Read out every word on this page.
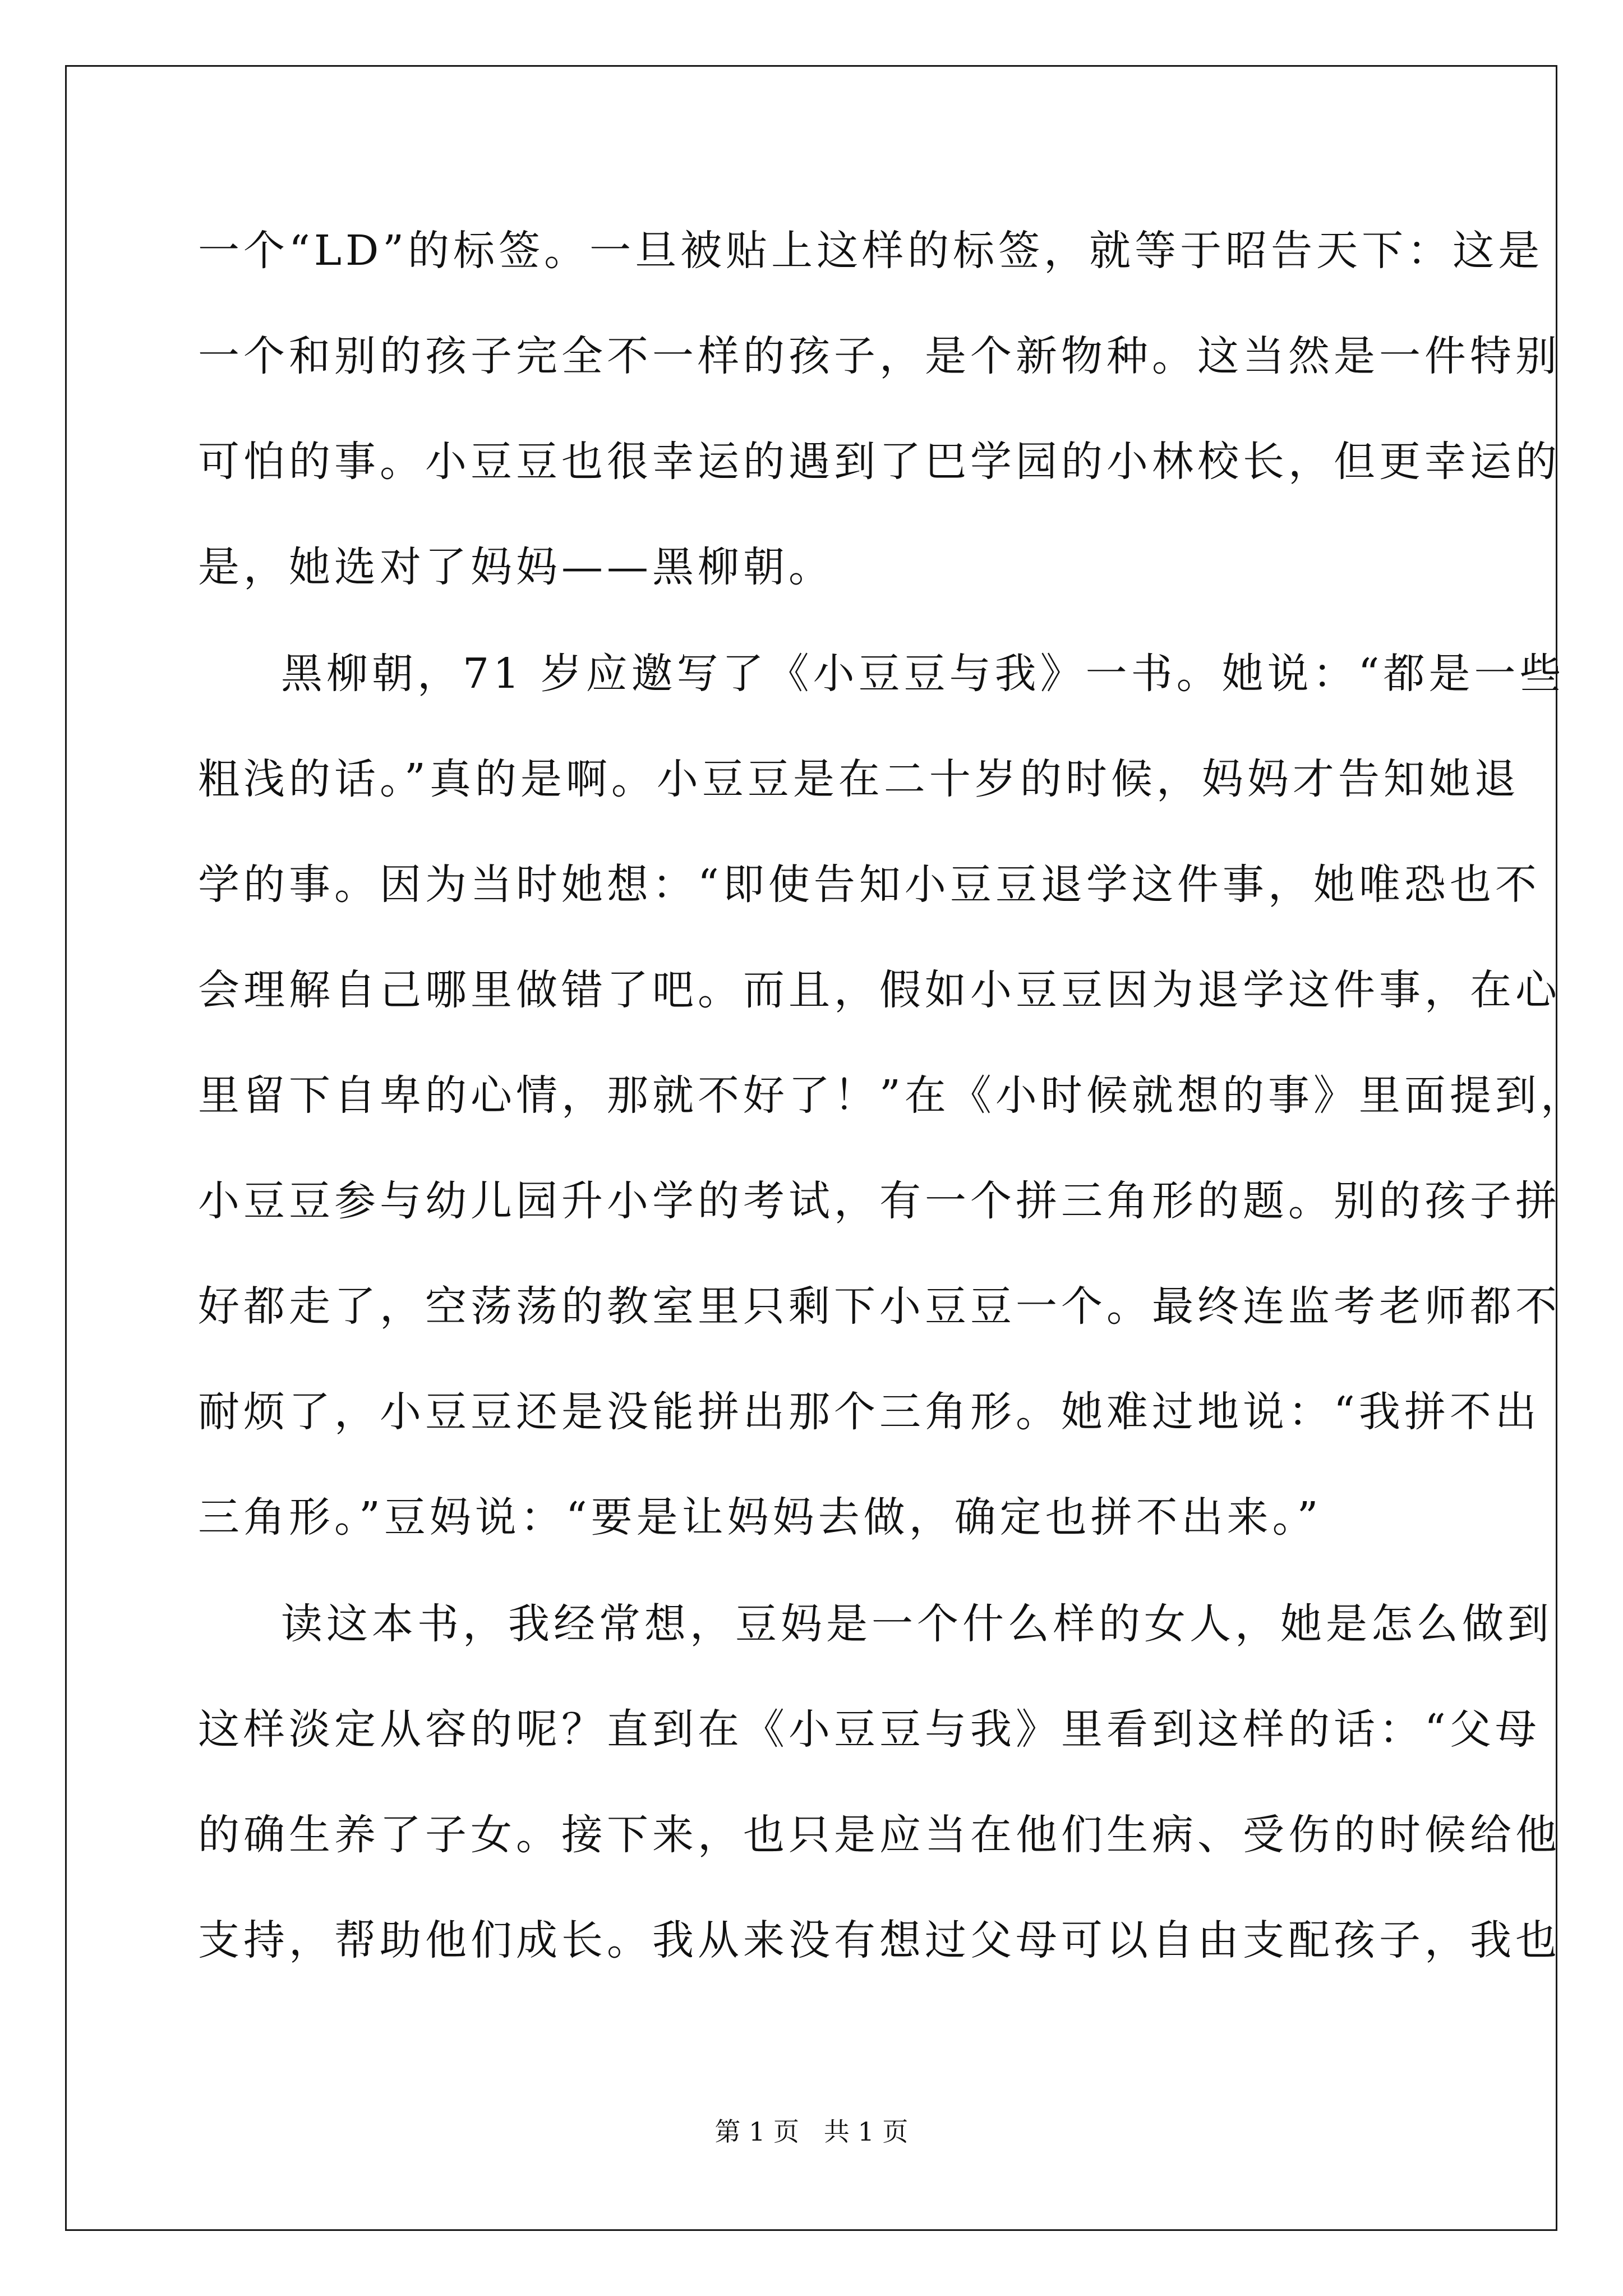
一个“LD”的标签。一旦被贴上这样的标签，就等于昭告天下：这是
一个和别的孩子完全不一样的孩子，是个新物种。这当然是一件特别
可怕的事。小豆豆也很幸运的遇到了巴学园的小林校长，但更幸运的
是，她选对了妈妈——黑柳朝。
黑柳朝，71 岁应邀写了《小豆豆与我》一书。她说：“都是一些
粗浅的话。”真的是啊。小豆豆是在二十岁的时候，妈妈才告知她退
学的事。因为当时她想：“即使告知小豆豆退学这件事，她唯恐也不
会理解自己哪里做错了吧。而且，假如小豆豆因为退学这件事，在心
里留下自卑的心情，那就不好了！”在《小时候就想的事》里面提到，
小豆豆参与幼儿园升小学的考试，有一个拼三角形的题。别的孩子拼
好都走了，空荡荡的教室里只剩下小豆豆一个。最终连监考老师都不
耐烦了，小豆豆还是没能拼出那个三角形。她难过地说：“我拼不出
三角形。”豆妈说：“要是让妈妈去做，确定也拼不出来。”
读这本书，我经常想，豆妈是一个什么样的女人，她是怎么做到
这样淡定从容的呢？直到在《小豆豆与我》里看到这样的话：“父母
的确生养了子女。接下来，也只是应当在他们生病、受伤的时候给他
支持，帮助他们成长。我从来没有想过父母可以自由支配孩子，我也
第 1 页   共 1 页
